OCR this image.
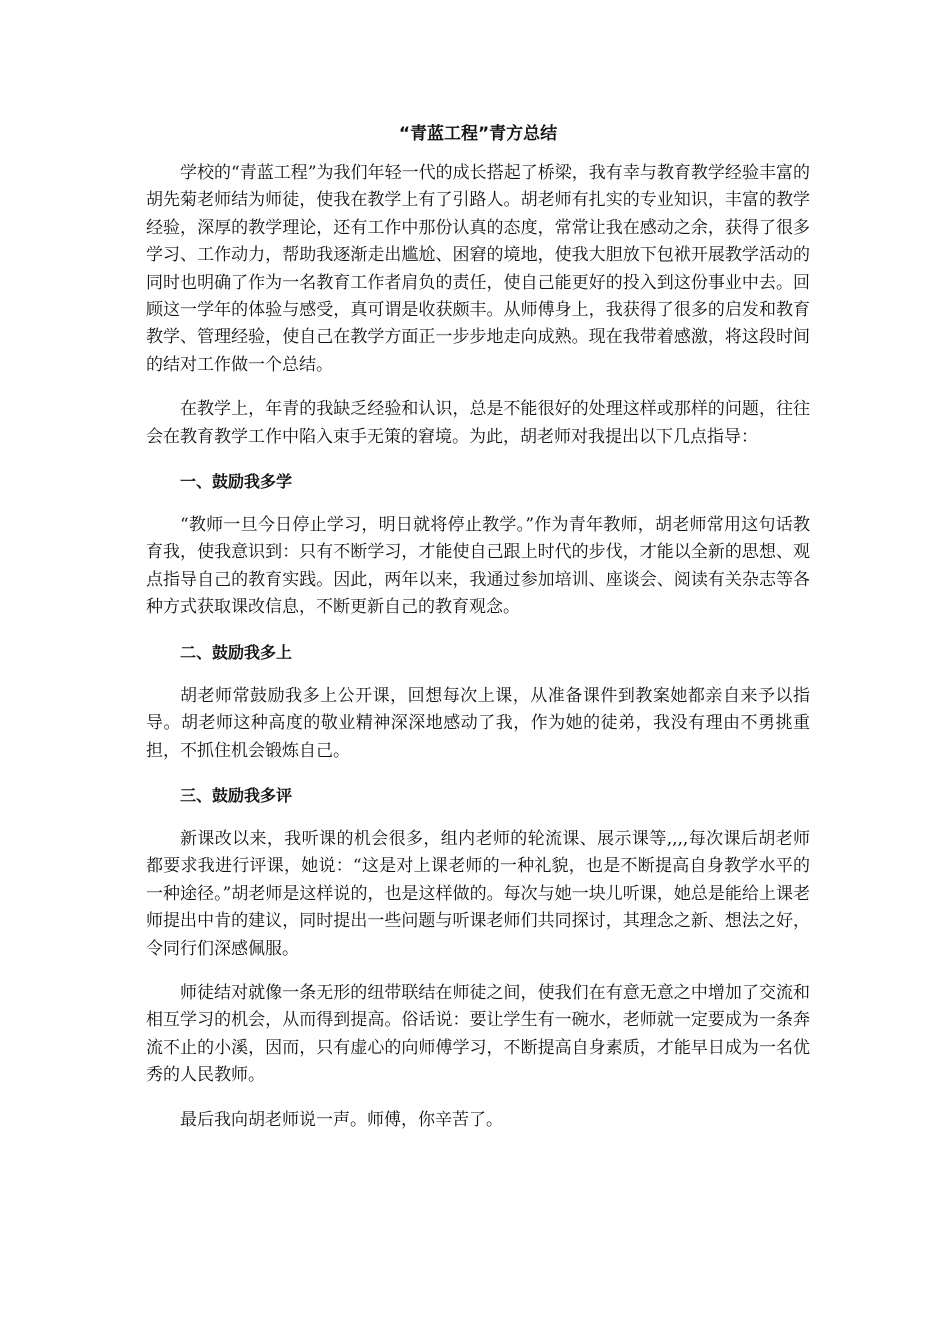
“青蓝工程”青方总结

学校的“青蓝工程”为我们年轻一代的成长搭起了桥梁，我有幸与教育教学经验丰富的胡先菊老师结为师徒，使我在教学上有了引路人。胡老师有扎实的专业知识，丰富的教学经验，深厚的教学理论，还有工作中那份认真的态度，常常让我在感动之余，获得了很多学习、工作动力，帮助我逐渐走出尴尬、困窘的境地，使我大胆放下包袱开展教学活动的同时也明确了作为一名教育工作者肩负的责任，使自己能更好的投入到这份事业中去。回顾这一学年的体验与感受，真可谓是收获颇丰。从师傅身上，我获得了很多的启发和教育教学、管理经验，使自己在教学方面正一步步地走向成熟。现在我带着感激，将这段时间的结对工作做一个总结。

在教学上，年青的我缺乏经验和认识，总是不能很好的处理这样或那样的问题，往往会在教育教学工作中陷入束手无策的窘境。为此，胡老师对我提出以下几点指导：

一、鼓励我多学

“教师一旦今日停止学习，明日就将停止教学。”作为青年教师，胡老师常用这句话教育我，使我意识到：只有不断学习，才能使自己跟上时代的步伐，才能以全新的思想、观点指导自己的教育实践。因此，两年以来，我通过参加培训、座谈会、阅读有关杂志等各种方式获取课改信息，不断更新自己的教育观念。

二、鼓励我多上

胡老师常鼓励我多上公开课，回想每次上课，从准备课件到教案她都亲自来予以指导。胡老师这种高度的敬业精神深深地感动了我，作为她的徒弟，我没有理由不勇挑重担，不抓住机会锻炼自己。

三、鼓励我多评

新课改以来，我听课的机会很多，组内老师的轮流课、展示课等,,,,每次课后胡老师都要求我进行评课，她说：“这是对上课老师的一种礼貌，也是不断提高自身教学水平的一种途径。”胡老师是这样说的，也是这样做的。每次与她一块儿听课，她总是能给上课老师提出中肯的建议，同时提出一些问题与听课老师们共同探讨，其理念之新、想法之好，令同行们深感佩服。

师徒结对就像一条无形的纽带联结在师徒之间，使我们在有意无意之中增加了交流和相互学习的机会，从而得到提高。俗话说：要让学生有一碗水，老师就一定要成为一条奔流不止的小溪，因而，只有虚心的向师傅学习，不断提高自身素质，才能早日成为一名优秀的人民教师。

最后我向胡老师说一声。师傅，你辛苦了。
